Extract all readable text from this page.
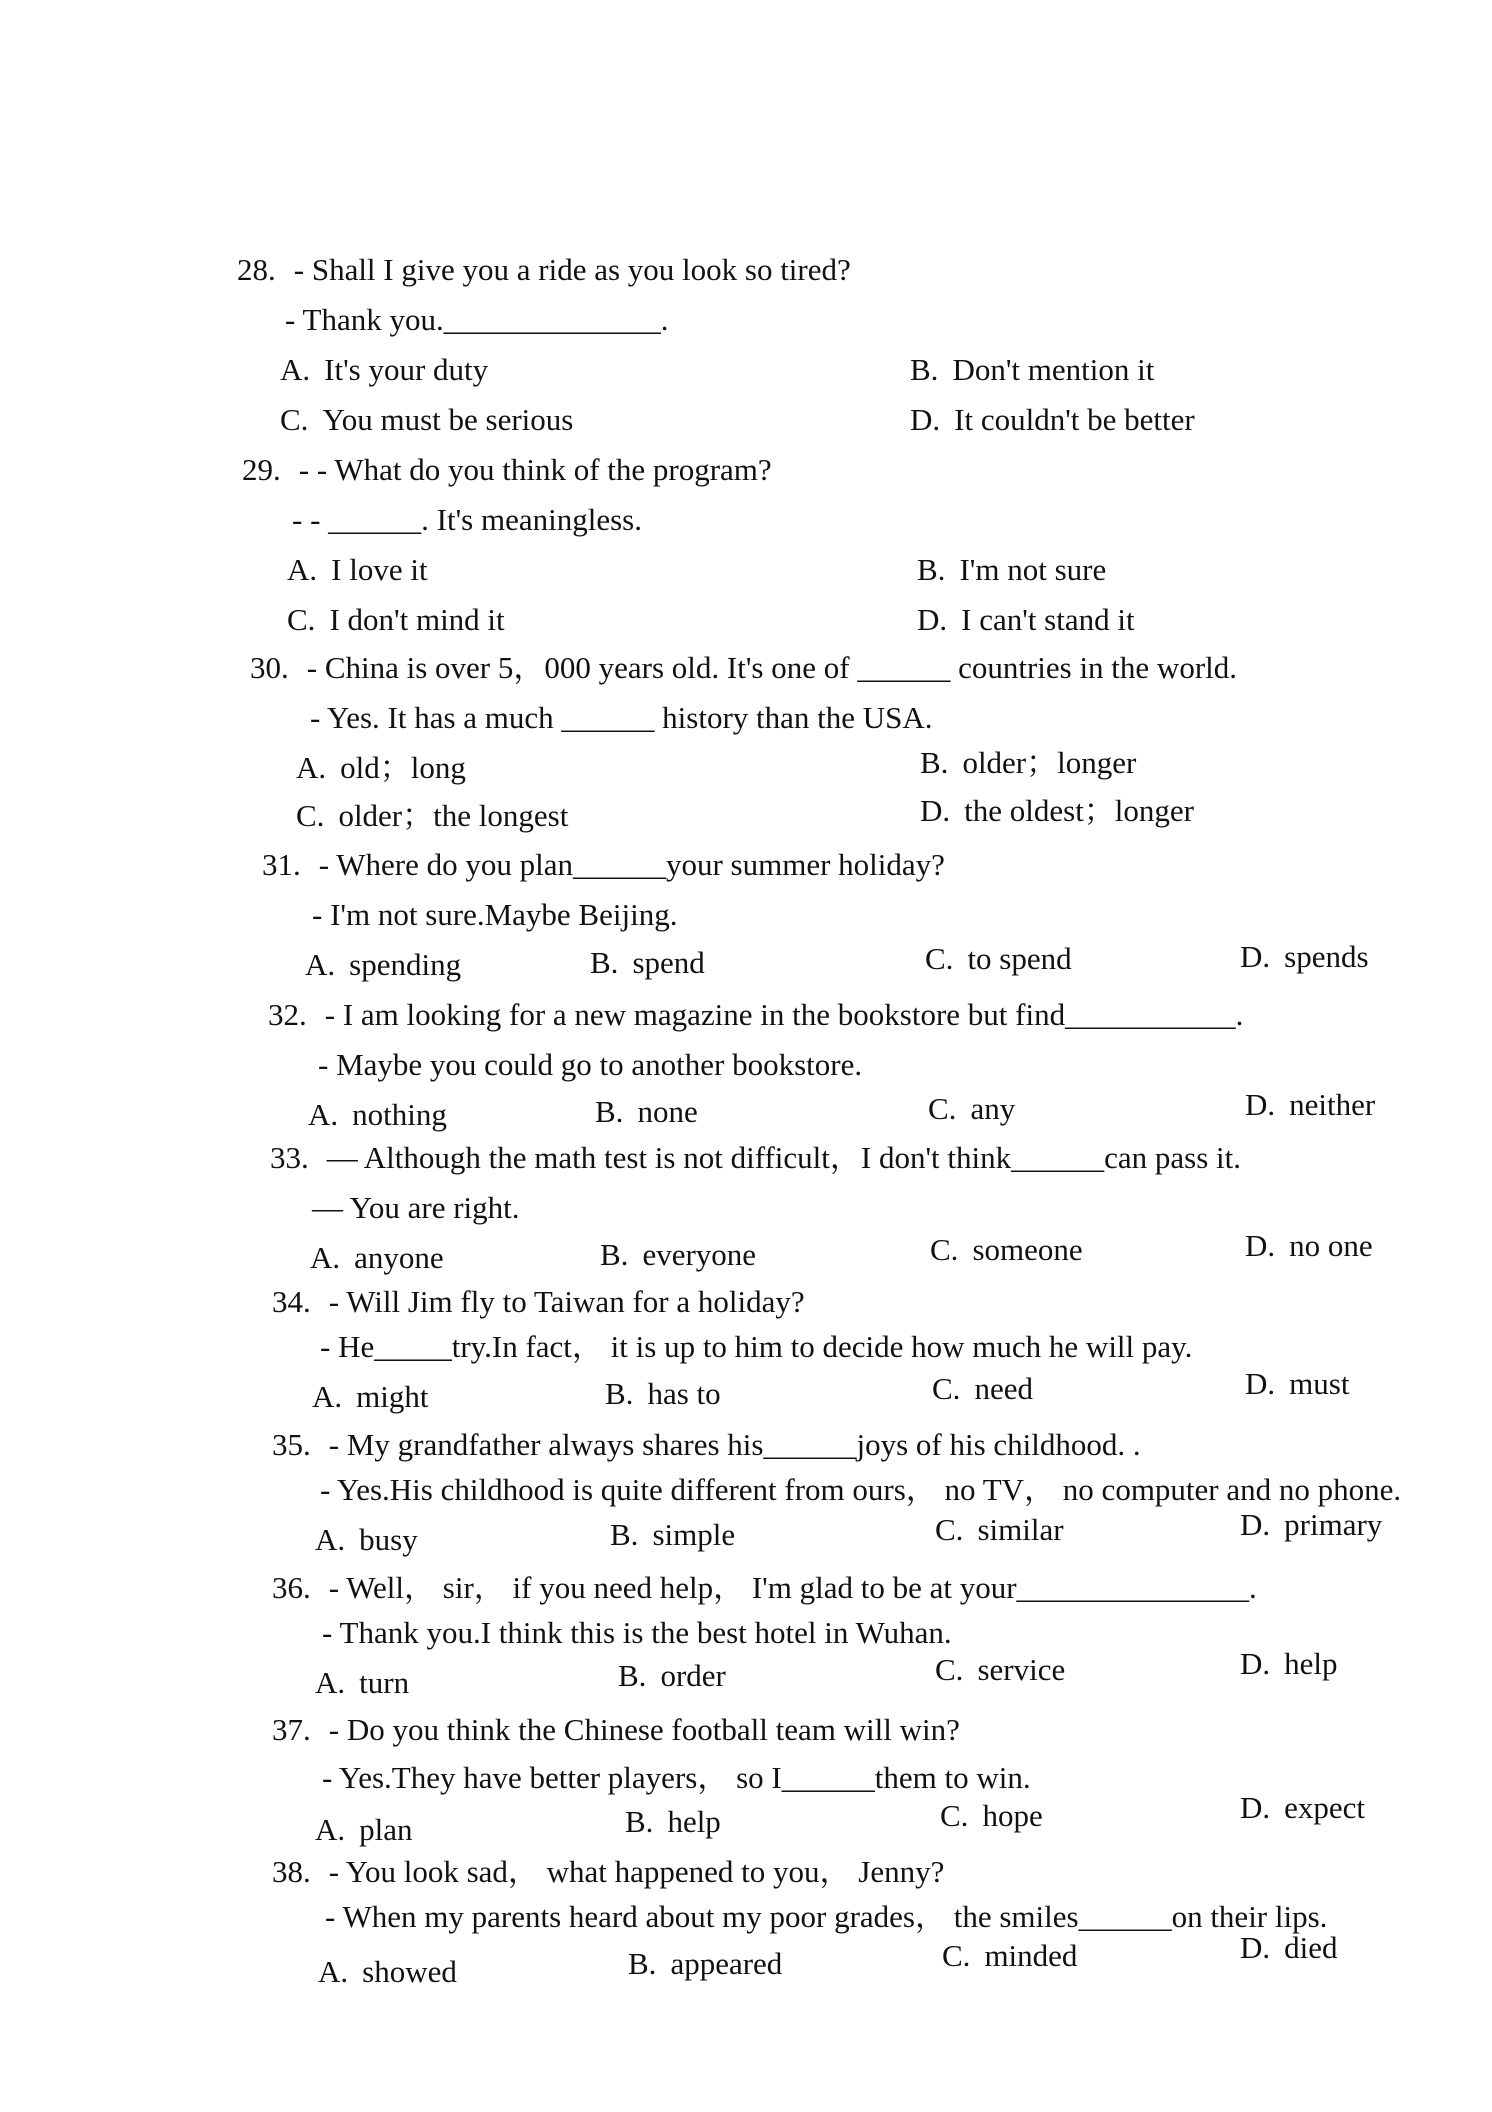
28. - Shall I give you a ride as you look so tired?
- Thank you.______________.
A. It's your duty	B. Don't mention it
C. You must be serious	D. It couldn't be better
29. - - What do you think of the program?
- - ______. It's meaningless.
A. I love it	B. I'm not sure
C. I don't mind it	D. I can't stand it
30. - China is over 5，000 years old. It's one of ______ countries in the world.
- Yes. It has a much ______ history than the USA.
A. old；long	B. older；longer
C. older；the longest	D. the oldest；longer
31. - Where do you plan______your summer holiday?
- I'm not sure.Maybe Beijing.
A. spending	B. spend	C. to spend	D. spends
32. - I am looking for a new magazine in the bookstore but find___________.
- Maybe you could go to another bookstore.
A. nothing	B. none	C. any	D. neither
33. — Although the math test is not difficult，I don't think______can pass it.
— You are right.
A. anyone	B. everyone	C. someone	D. no one
34. - Will Jim fly to Taiwan for a holiday?
- He_____try.In fact， it is up to him to decide how much he will pay.
A. might	B. has to	C. need	D. must
35. - My grandfather always shares his______joys of his childhood. .
- Yes.His childhood is quite different from ours， no TV， no computer and no phone.
A. busy	B. simple	C. similar	D. primary
36. - Well， sir， if you need help， I'm glad to be at your_______________.
- Thank you.I think this is the best hotel in Wuhan.
A. turn	B. order	C. service	D. help
37. - Do you think the Chinese football team will win?
- Yes.They have better players， so I______them to win.
A. plan	B. help	C. hope	D. expect
38. - You look sad， what happened to you， Jenny?
- When my parents heard about my poor grades， the smiles______on their lips.
A. showed	B. appeared	C. minded	D. died
